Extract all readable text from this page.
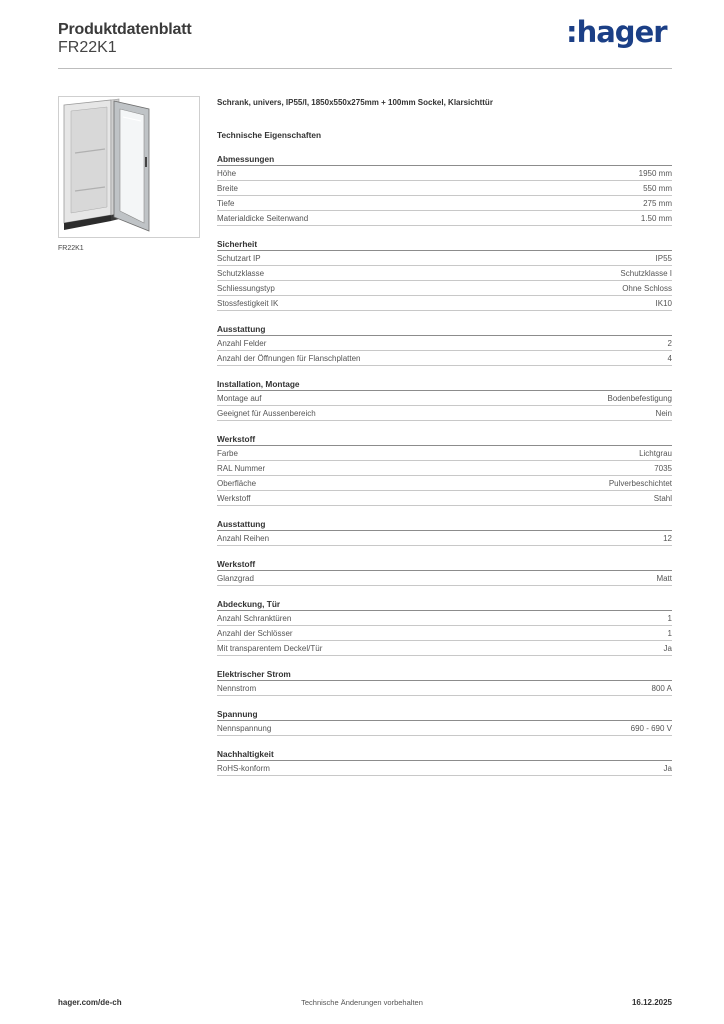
Produktdatenblatt
FR22K1	:hager
FR22K1
Schrank, univers, IP55/I, 1850x550x275mm + 100mm Sockel, Klarsichttür
Technische Eigenschaften
Abmessungen
Höhe	1950 mm
Breite	550 mm
Tiefe	275 mm
Materialdicke Seitenwand	1.50 mm
Sicherheit
Schutzart IP	IP55
Schutzklasse	Schutzklasse I
Schliessungstyp	Ohne Schloss
Stossfestigkeit IK	IK10
Ausstattung
Anzahl Felder	2
Anzahl der Öffnungen für Flanschplatten	4
Installation, Montage
Montage auf	Bodenbefestigung
Geeignet für Aussenbereich	Nein
Werkstoff
Farbe	Lichtgrau
RAL Nummer	7035
Oberfläche	Pulverbeschichtet
Werkstoff	Stahl
Ausstattung
Anzahl Reihen	12
Werkstoff
Glanzgrad	Matt
Abdeckung, Tür
Anzahl Schranktüren	1
Anzahl der Schlösser	1
Mit transparentem Deckel/Tür	Ja
Elektrischer Strom
Nennstrom	800 A
Spannung
Nennspannung	690 - 690 V
Nachhaltigkeit
RoHS-konform	Ja
hager.com/de-ch	Technische Änderungen vorbehalten	16.12.2025
